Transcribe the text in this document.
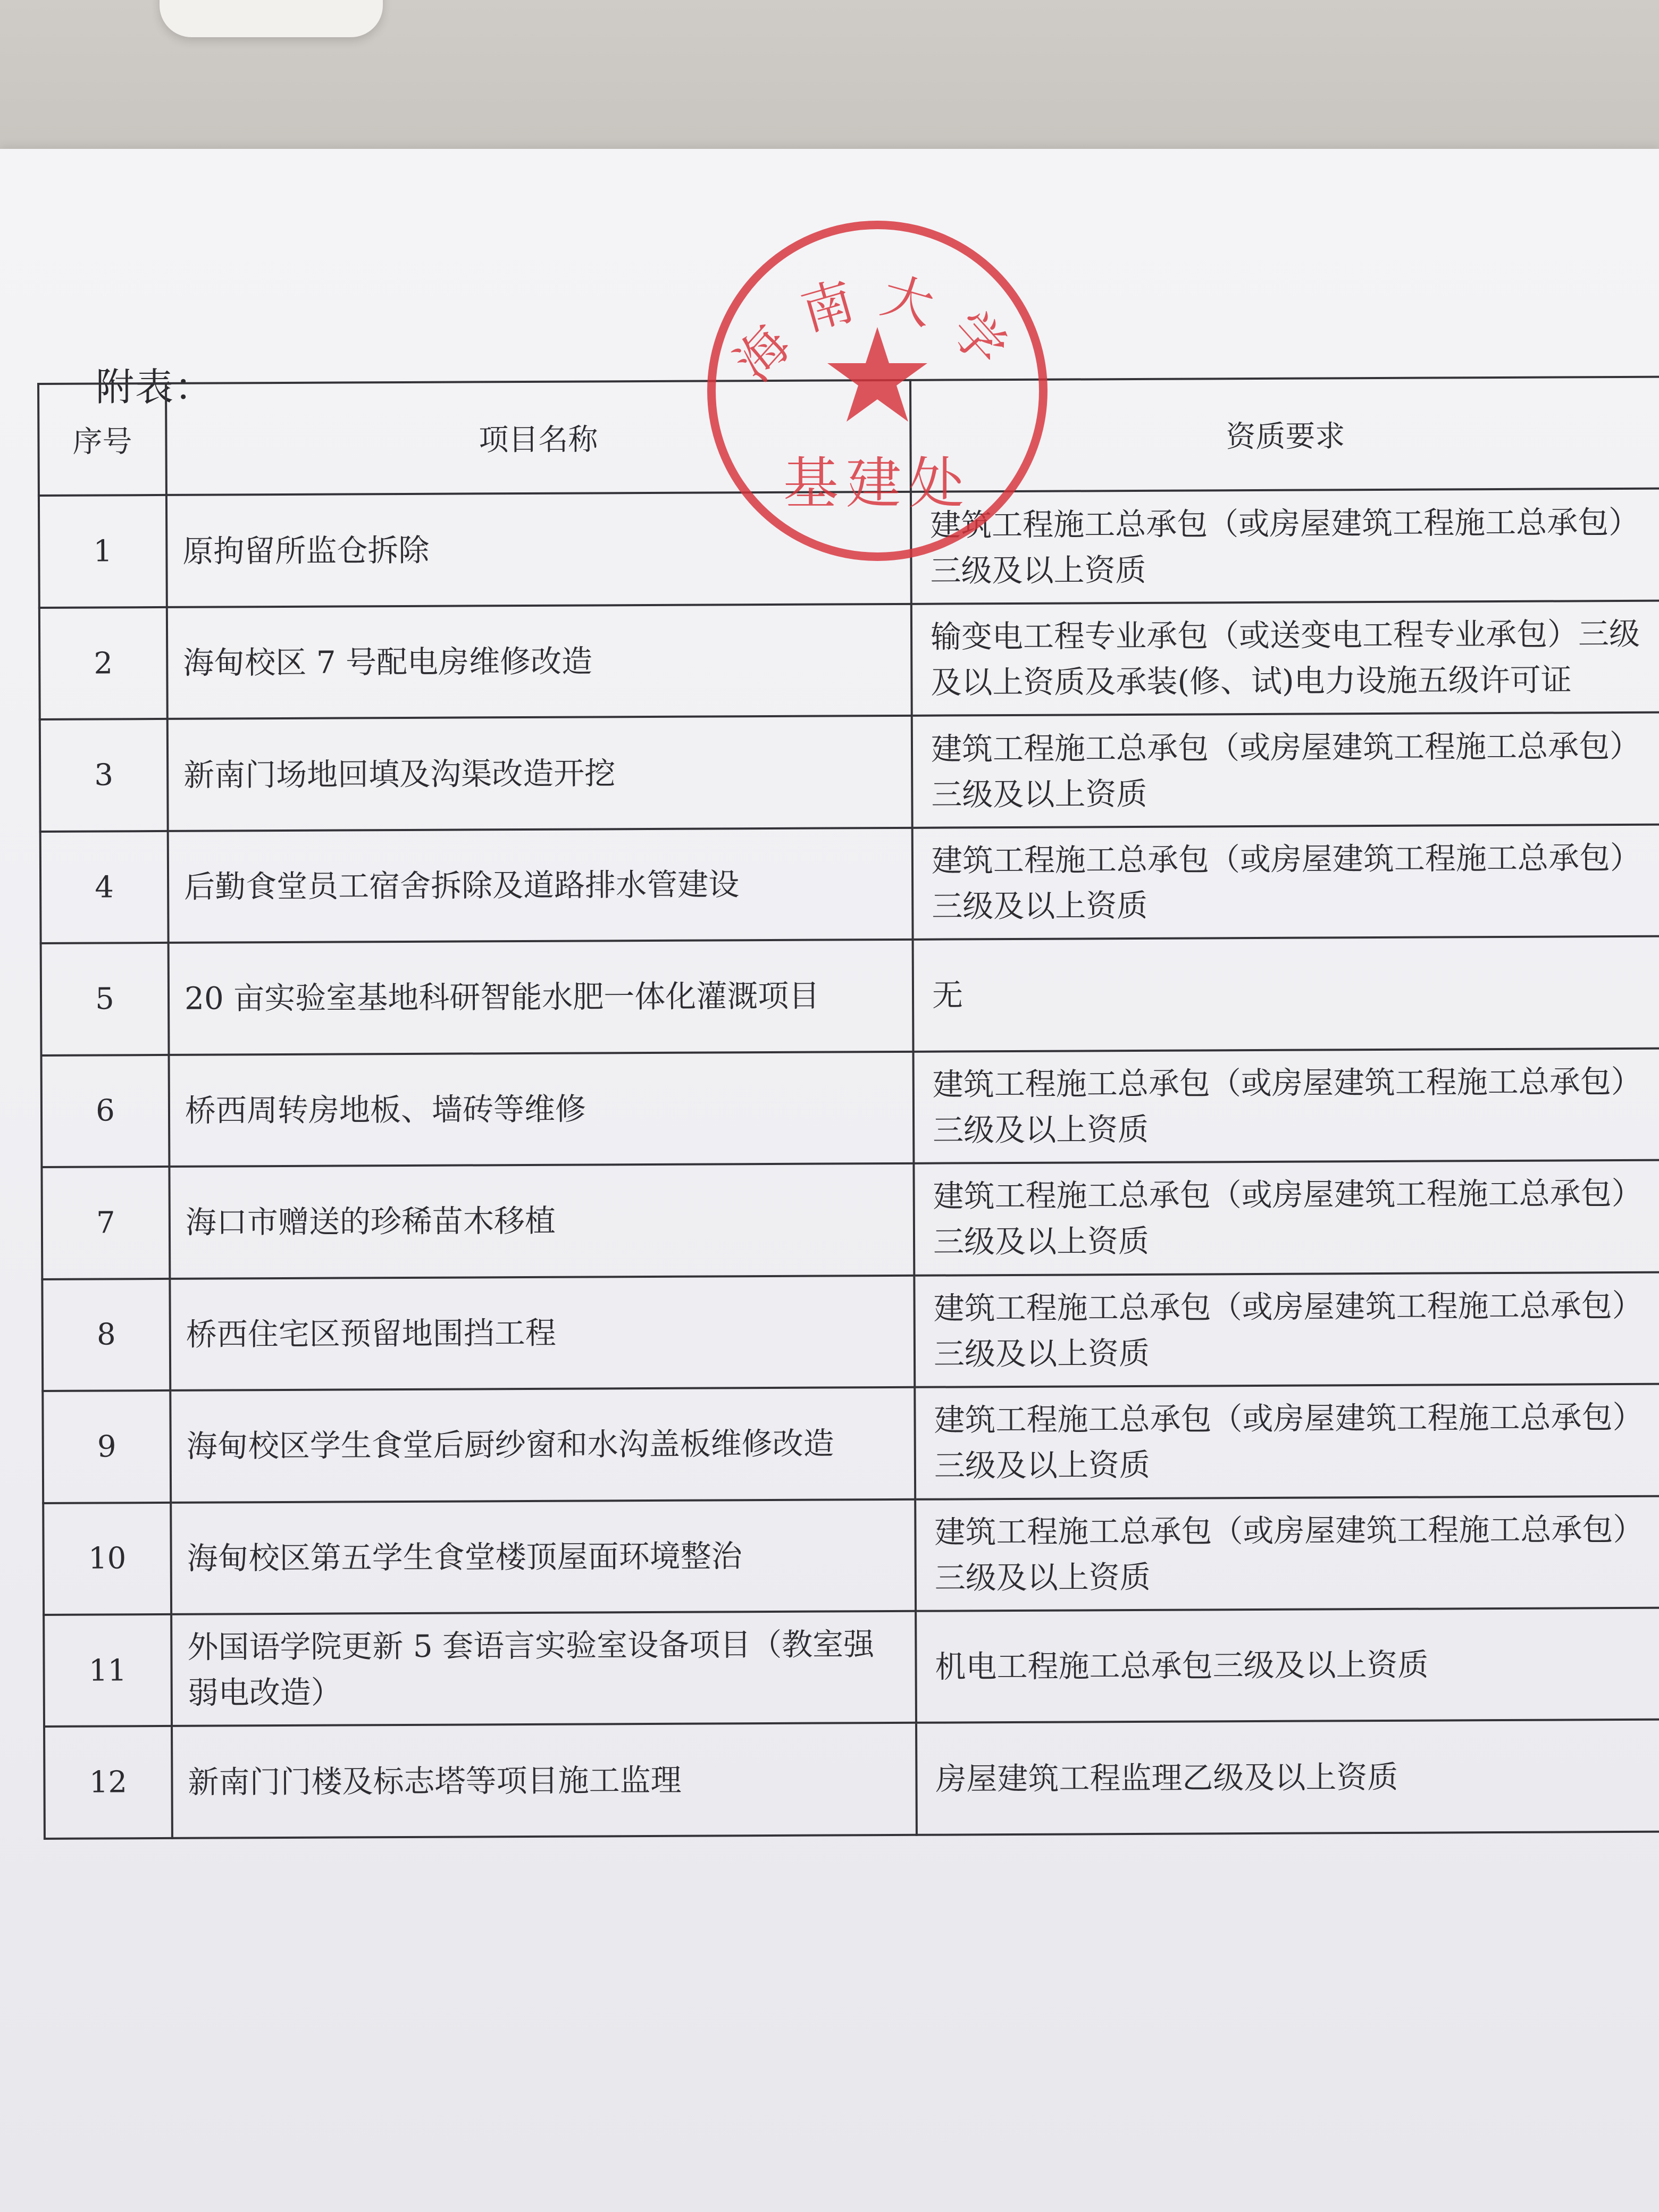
附表：
序号	项目名称	资质要求
1	原拘留所监仓拆除	建筑工程施工总承包（或房屋建筑工程施工总承包）三级及以上资质
2	海甸校区 7 号配电房维修改造	输变电工程专业承包（或送变电工程专业承包）三级及以上资质及承装(修、试)电力设施五级许可证
3	新南门场地回填及沟渠改造开挖	建筑工程施工总承包（或房屋建筑工程施工总承包）三级及以上资质
4	后勤食堂员工宿舍拆除及道路排水管建设	建筑工程施工总承包（或房屋建筑工程施工总承包）三级及以上资质
5	20 亩实验室基地科研智能水肥一体化灌溉项目	无
6	桥西周转房地板、墙砖等维修	建筑工程施工总承包（或房屋建筑工程施工总承包）三级及以上资质
7	海口市赠送的珍稀苗木移植	建筑工程施工总承包（或房屋建筑工程施工总承包）三级及以上资质
8	桥西住宅区预留地围挡工程	建筑工程施工总承包（或房屋建筑工程施工总承包）三级及以上资质
9	海甸校区学生食堂后厨纱窗和水沟盖板维修改造	建筑工程施工总承包（或房屋建筑工程施工总承包）三级及以上资质
10	海甸校区第五学生食堂楼顶屋面环境整治	建筑工程施工总承包（或房屋建筑工程施工总承包）三级及以上资质
11	外国语学院更新 5 套语言实验室设备项目（教室强弱电改造）	机电工程施工总承包三级及以上资质
12	新南门门楼及标志塔等项目施工监理	房屋建筑工程监理乙级及以上资质
海南大学
基建处
